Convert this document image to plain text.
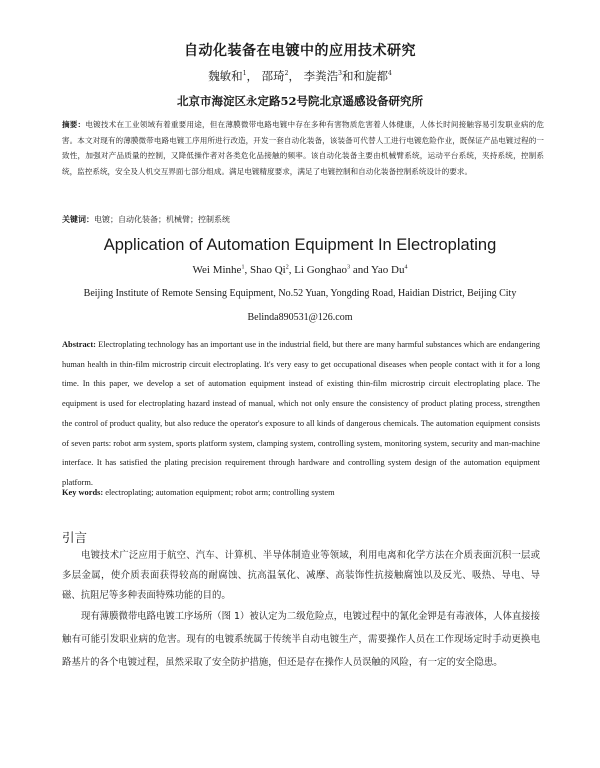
自动化装备在电镀中的应用技术研究
魏敏和$^1$， 邵琦$^2$， 李粪浩$^3$和和旋都$^4$
北京市海淀区永定路52号院北京遥感设备研究所
摘要：电镀技术在工业领域有着重要用途，但在薄膜微带电路电镀中存在多种有害物质危害着人体健康，人体长时间接触容易引发职业病的危害。本文对现有的薄膜微带电路电镀工序用所进行改造，开发一套自动化装备，该装备可代替人工进行电镀危险作业，既保证产品电镀过程的一致性，加强对产品质量的控制，又降低操作者对各类危化品接触的频率。该自动化装备主要由机械臂系统，运动平台系统，夹持系统，控制系统，监控系统，安全及人机交互界面七部分组成。满足电镀精度要求，满足了电镀控制和自动化装备控制系统设计的要求。
关键词：电镀；自动化装备；机械臂；控制系统
Application of Automation Equipment In Electroplating
Wei Minhe$^1$, Shao Qi$^2$, Li Gonghao$^3$ and Yao Du$^4$
Beijing Institute of Remote Sensing Equipment, No.52 Yuan, Yongding Road, Haidian District, Beijing City
Belinda890531@126.com
Abstract: Electroplating technology has an important use in the industrial field, but there are many harmful substances which are endangering human health in thin-film microstrip circuit electroplating. It's very easy to get occupational diseases when people contact with it for a long time. In this paper, we develop a set of automation equipment instead of existing thin-film microstrip circuit electroplating place. The equipment is used for electroplating hazard instead of manual, which not only ensure the consistency of product plating process, strengthen the control of product quality, but also reduce the operator's exposure to all kinds of dangerous chemicals. The automation equipment consists of seven parts: robot arm system, sports platform system, clamping system, controlling system, monitoring system, security and man-machine interface. It has satisfied the plating precision requirement through hardware and controlling system design of the automation equipment platform.
Key words: electroplating; automation equipment; robot arm; controlling system
引言
电镀技术广泛应用于航空、汽车、计算机、半导体制造业等领域，利用电离和化学方法在介质表面沉积一层或多层金属，使介质表面获得较高的耐腐蚀、抗高温氧化、减摩、高装饰性抗接触腐蚀以及反光、吸热、导电、导磁、抗阻尼等多种表面特殊功能的目的。
现有薄膜微带电路电镀工序场所（图 1）被认定为二级危险点，电镀过程中的氰化金钾是有毒液体，人体直接接触有可能引发职业病的危害。现有的电镀系统属于传统半自动电镀生产，需要操作人员在工作现场定时手动更换电路基片的各个电镀过程，虽然采取了安全防护措施，但还是存在操作人员误触的风险，有一定的安全隐患。
